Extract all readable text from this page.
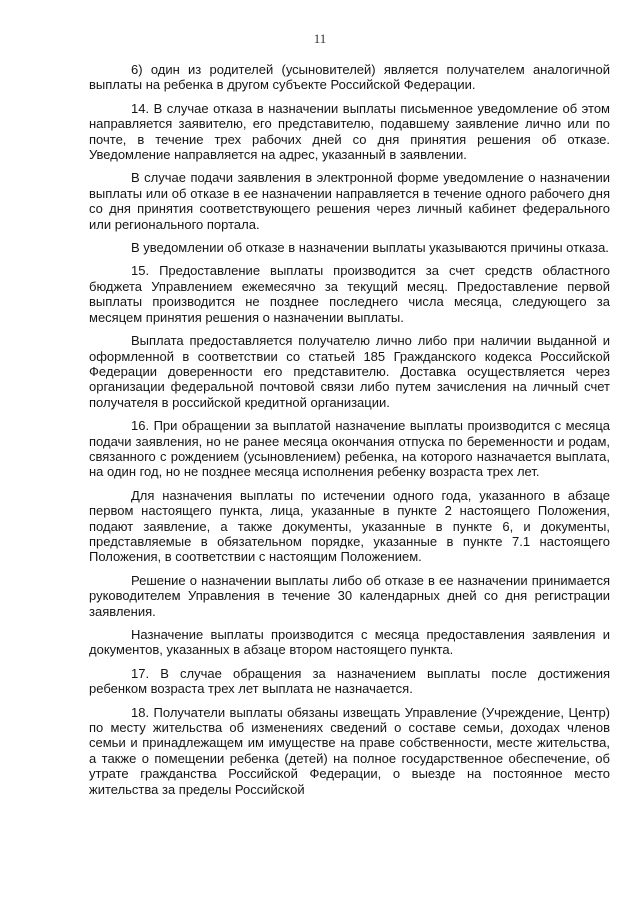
11

6) один из родителей (усыновителей) является получателем аналогичной выплаты на ребенка в другом субъекте Российской Федерации.

14. В случае отказа в назначении выплаты письменное уведомление об этом направляется заявителю, его представителю, подавшему заявление лично или по почте, в течение трех рабочих дней со дня принятия решения об отказе. Уведомление направляется на адрес, указанный в заявлении.

В случае подачи заявления в электронной форме уведомление о назначении выплаты или об отказе в ее назначении направляется в течение одного рабочего дня со дня принятия соответствующего решения через личный кабинет федерального или регионального портала.

В уведомлении об отказе в назначении выплаты указываются причины отказа.

15. Предоставление выплаты производится за счет средств областного бюджета Управлением ежемесячно за текущий месяц. Предоставление первой выплаты производится не позднее последнего числа месяца, следующего за месяцем принятия решения о назначении выплаты.

Выплата предоставляется получателю лично либо при наличии выданной и оформленной в соответствии со статьей 185 Гражданского кодекса Российской Федерации доверенности его представителю. Доставка осуществляется через организации федеральной почтовой связи либо путем зачисления на личный счет получателя в российской кредитной организации.

16. При обращении за выплатой назначение выплаты производится с месяца подачи заявления, но не ранее месяца окончания отпуска по беременности и родам, связанного с рождением (усыновлением) ребенка, на которого назначается выплата, на один год, но не позднее месяца исполнения ребенку возраста трех лет.

Для назначения выплаты по истечении одного года, указанного в абзаце первом настоящего пункта, лица, указанные в пункте 2 настоящего Положения, подают заявление, а также документы, указанные в пункте 6, и документы, представляемые в обязательном порядке, указанные в пункте 7.1 настоящего Положения, в соответствии с настоящим Положением.

Решение о назначении выплаты либо об отказе в ее назначении принимается руководителем Управления в течение 30 календарных дней со дня регистрации заявления.

Назначение выплаты производится с месяца предоставления заявления и документов, указанных в абзаце втором настоящего пункта.

17. В случае обращения за назначением выплаты после достижения ребенком возраста трех лет выплата не назначается.

18. Получатели выплаты обязаны извещать Управление (Учреждение, Центр) по месту жительства об изменениях сведений о составе семьи, доходах членов семьи и принадлежащем им имуществе на праве собственности, месте жительства, а также о помещении ребенка (детей) на полное государственное обеспечение, об утрате гражданства Российской Федерации, о выезде на постоянное место жительства за пределы Российской
